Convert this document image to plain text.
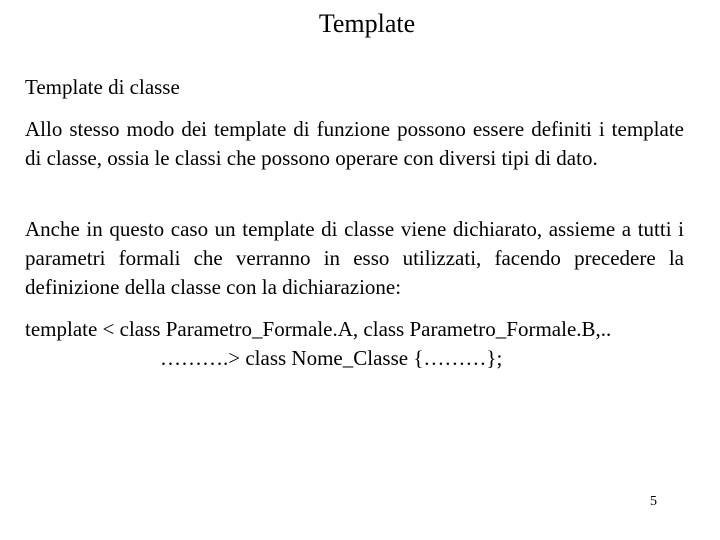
Template
Template di classe

Allo stesso modo dei template di funzione possono essere definiti i template di classe, ossia le classi che possono operare con diversi tipi di dato.

Anche in questo caso un template di classe viene dichiarato, assieme a tutti i parametri formali che verranno in esso utilizzati, facendo precedere la definizione della classe con la dichiarazione:

template < class Parametro_Formale.A, class Parametro_Formale.B,..

……….> class Nome_Classe {………};

5
